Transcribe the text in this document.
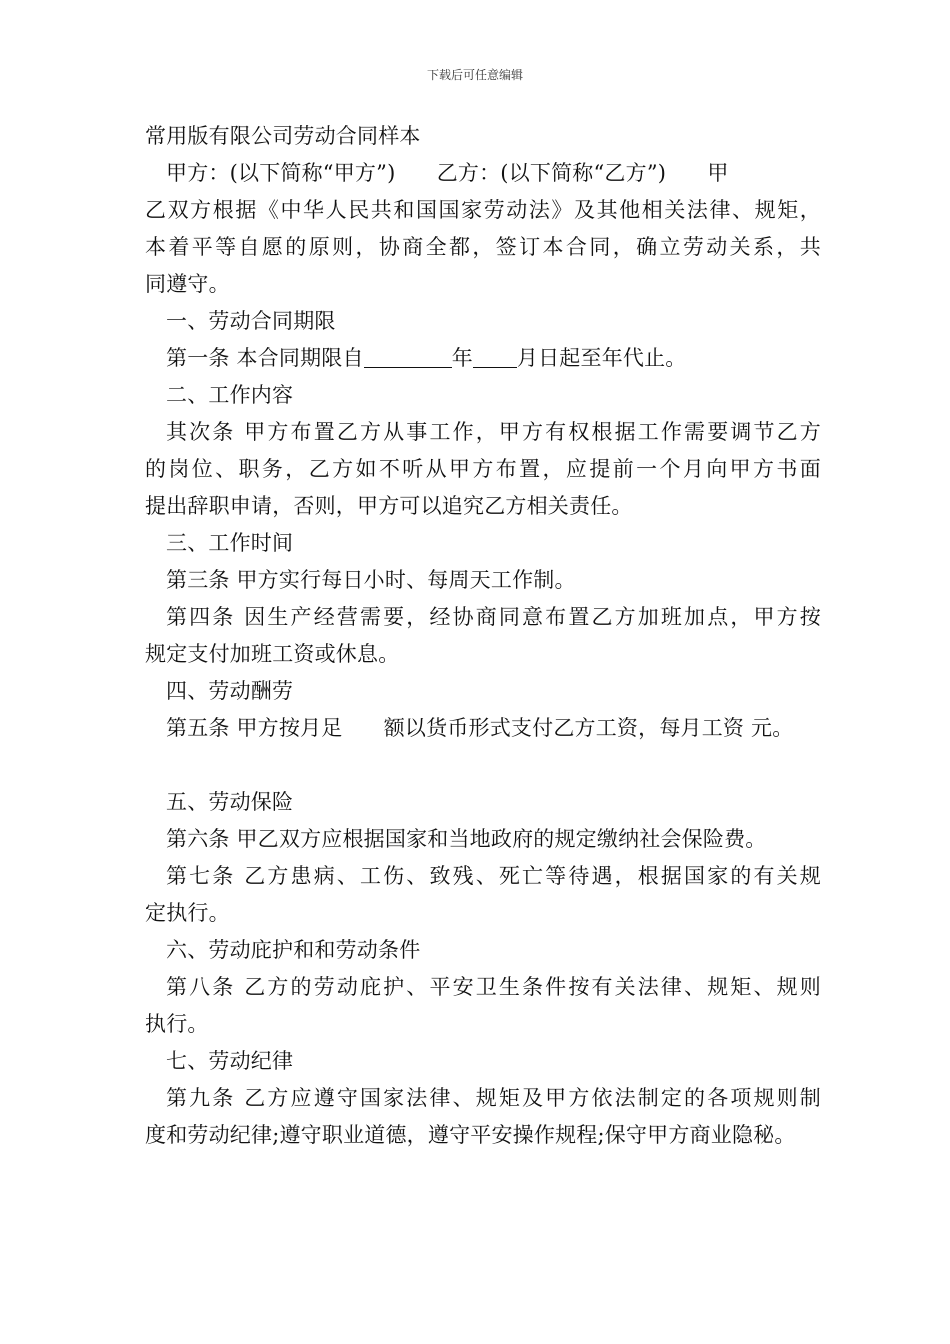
下载后可任意编辑
常用版有限公司劳动合同样本
甲方：(以下简称“甲方”)      乙方：(以下简称“乙方”)      甲
乙双方根据《中华人民共和国国家劳动法》及其他相关法律、规矩，
本着平等自愿的原则，协商全都，签订本合同，确立劳动关系，共
同遵守。
一、劳动合同期限
第一条 本合同期限自	年 月日起至年代止。
二、工作内容
其次条 甲方布置乙方从事工作，甲方有权根据工作需要调节乙方
的岗位、职务，乙方如不听从甲方布置，应提前一个月向甲方书面
提出辞职申请，否则，甲方可以追究乙方相关责任。
三、工作时间
第三条 甲方实行每日小时、每周天工作制。
第四条 因生产经营需要，经协商同意布置乙方加班加点，甲方按
规定支付加班工资或休息。
四、劳动酬劳
第五条 甲方按月足      额以货币形式支付乙方工资，每月工资 元。
五、劳动保险
第六条 甲乙双方应根据国家和当地政府的规定缴纳社会保险费。
第七条 乙方患病、工伤、致残、死亡等待遇，根据国家的有关规
定执行。
六、劳动庇护和和劳动条件
第八条 乙方的劳动庇护、平安卫生条件按有关法律、规矩、规则
执行。
七、劳动纪律
第九条 乙方应遵守国家法律、规矩及甲方依法制定的各项规则制
度和劳动纪律;遵守职业道德，遵守平安操作规程;保守甲方商业隐秘。
